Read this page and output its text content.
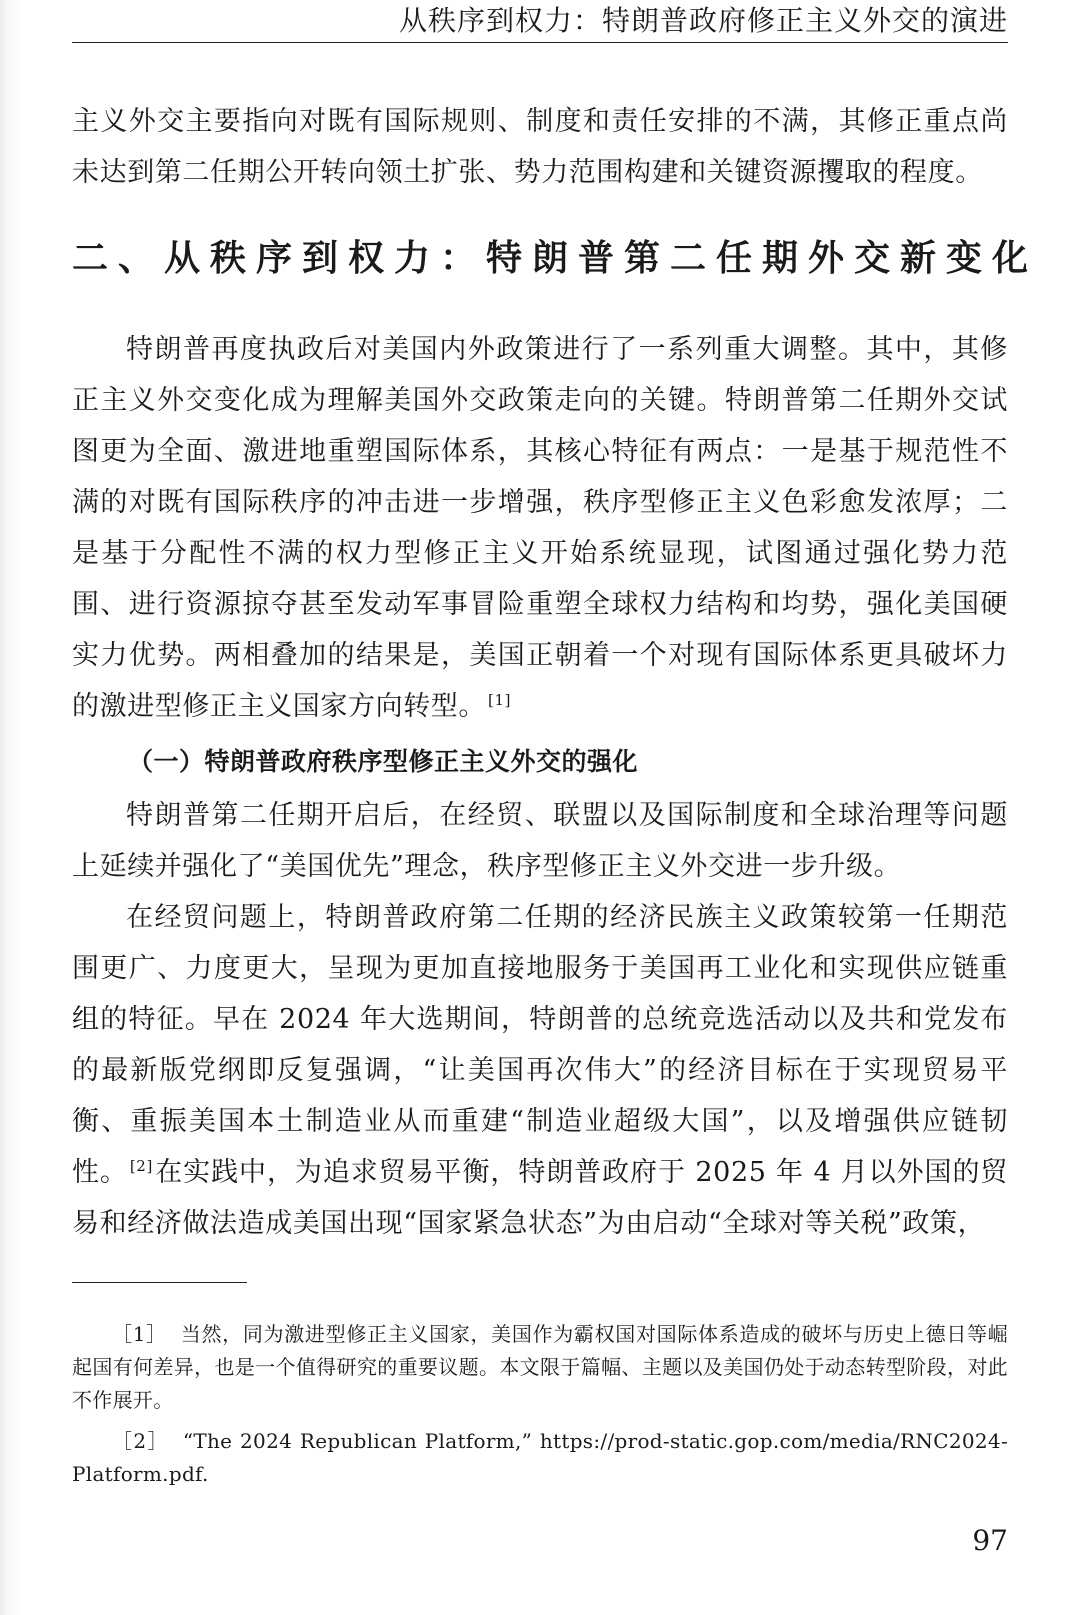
从秩序到权力：特朗普政府修正主义外交的演进

主义外交主要指向对既有国际规则、制度和责任安排的不满，其修正重点尚未达到第二任期公开转向领土扩张、势力范围构建和关键资源攫取的程度。

二、从秩序到权力：特朗普第二任期外交新变化

特朗普再度执政后对美国内外政策进行了一系列重大调整。其中，其修正主义外交变化成为理解美国外交政策走向的关键。特朗普第二任期外交试图更为全面、激进地重塑国际体系，其核心特征有两点：一是基于规范性不满的对既有国际秩序的冲击进一步增强，秩序型修正主义色彩愈发浓厚；二是基于分配性不满的权力型修正主义开始系统显现，试图通过强化势力范围、进行资源掠夺甚至发动军事冒险重塑全球权力结构和均势，强化美国硬实力优势。两相叠加的结果是，美国正朝着一个对现有国际体系更具破坏力的激进型修正主义国家方向转型。 [1]

（一）特朗普政府秩序型修正主义外交的强化

特朗普第二任期开启后，在经贸、联盟以及国际制度和全球治理等问题上延续并强化了“美国优先”理念，秩序型修正主义外交进一步升级。

在经贸问题上，特朗普政府第二任期的经济民族主义政策较第一任期范围更广、力度更大，呈现为更加直接地服务于美国再工业化和实现供应链重组的特征。早在 2024 年大选期间，特朗普的总统竞选活动以及共和党发布的最新版党纲即反复强调，“让美国再次伟大”的经济目标在于实现贸易平衡、重振美国本土制造业从而重建“制造业超级大国”，以及增强供应链韧性。 [2]在实践中，为追求贸易平衡，特朗普政府于 2025 年 4 月以外国的贸易和经济做法造成美国出现“国家紧急状态”为由启动“全球对等关税”政策，

［1］ 当然，同为激进型修正主义国家，美国作为霸权国对国际体系造成的破坏与历史上德日等崛起国有何差异，也是一个值得研究的重要议题。本文限于篇幅、主题以及美国仍处于动态转型阶段，对此不作展开。

［2］ “The 2024 Republican Platform,” https://prod-static.gop.com/media/RNC2024-Platform.pdf.

97
